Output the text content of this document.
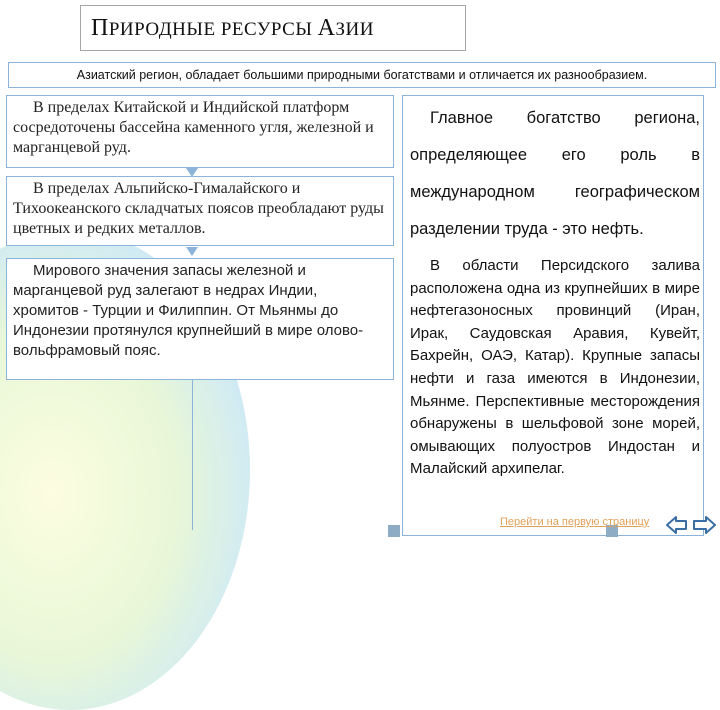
ПРИРОДНЫЕ РЕСУРСЫ АЗИИ
Азиатский регион, обладает большими природными богатствами и отличается их разнообразием.
В пределах Китайской и Индийской платформ сосредоточены бассейна каменного угля, железной и марганцевой руд.
В пределах Альпийско-Гималайского и Тихоокеанского складчатых поясов преобладают руды цветных и редких металлов.
Мирового значения запасы железной и марганцевой руд залегают в недрах Индии, хромитов - Турции и Филиппин. От Мьянмы до Индонезии протянулся крупнейший в мире олово-вольфрамовый пояс.
Главное богатство региона, определяющее его роль в международном географическом разделении труда - это нефть.
В области Персидского залива расположена одна из крупнейших в мире нефтегазоносных провинций (Иран, Ирак, Саудовская Аравия, Кувейт, Бахрейн, ОАЭ, Катар). Крупные запасы нефти и газа имеются в Индонезии, Мьянме. Перспективные месторождения обнаружены в шельфовой зоне морей, омывающих полуостров Индостан и Малайский архипелаг.
Перейти на первую страницу
